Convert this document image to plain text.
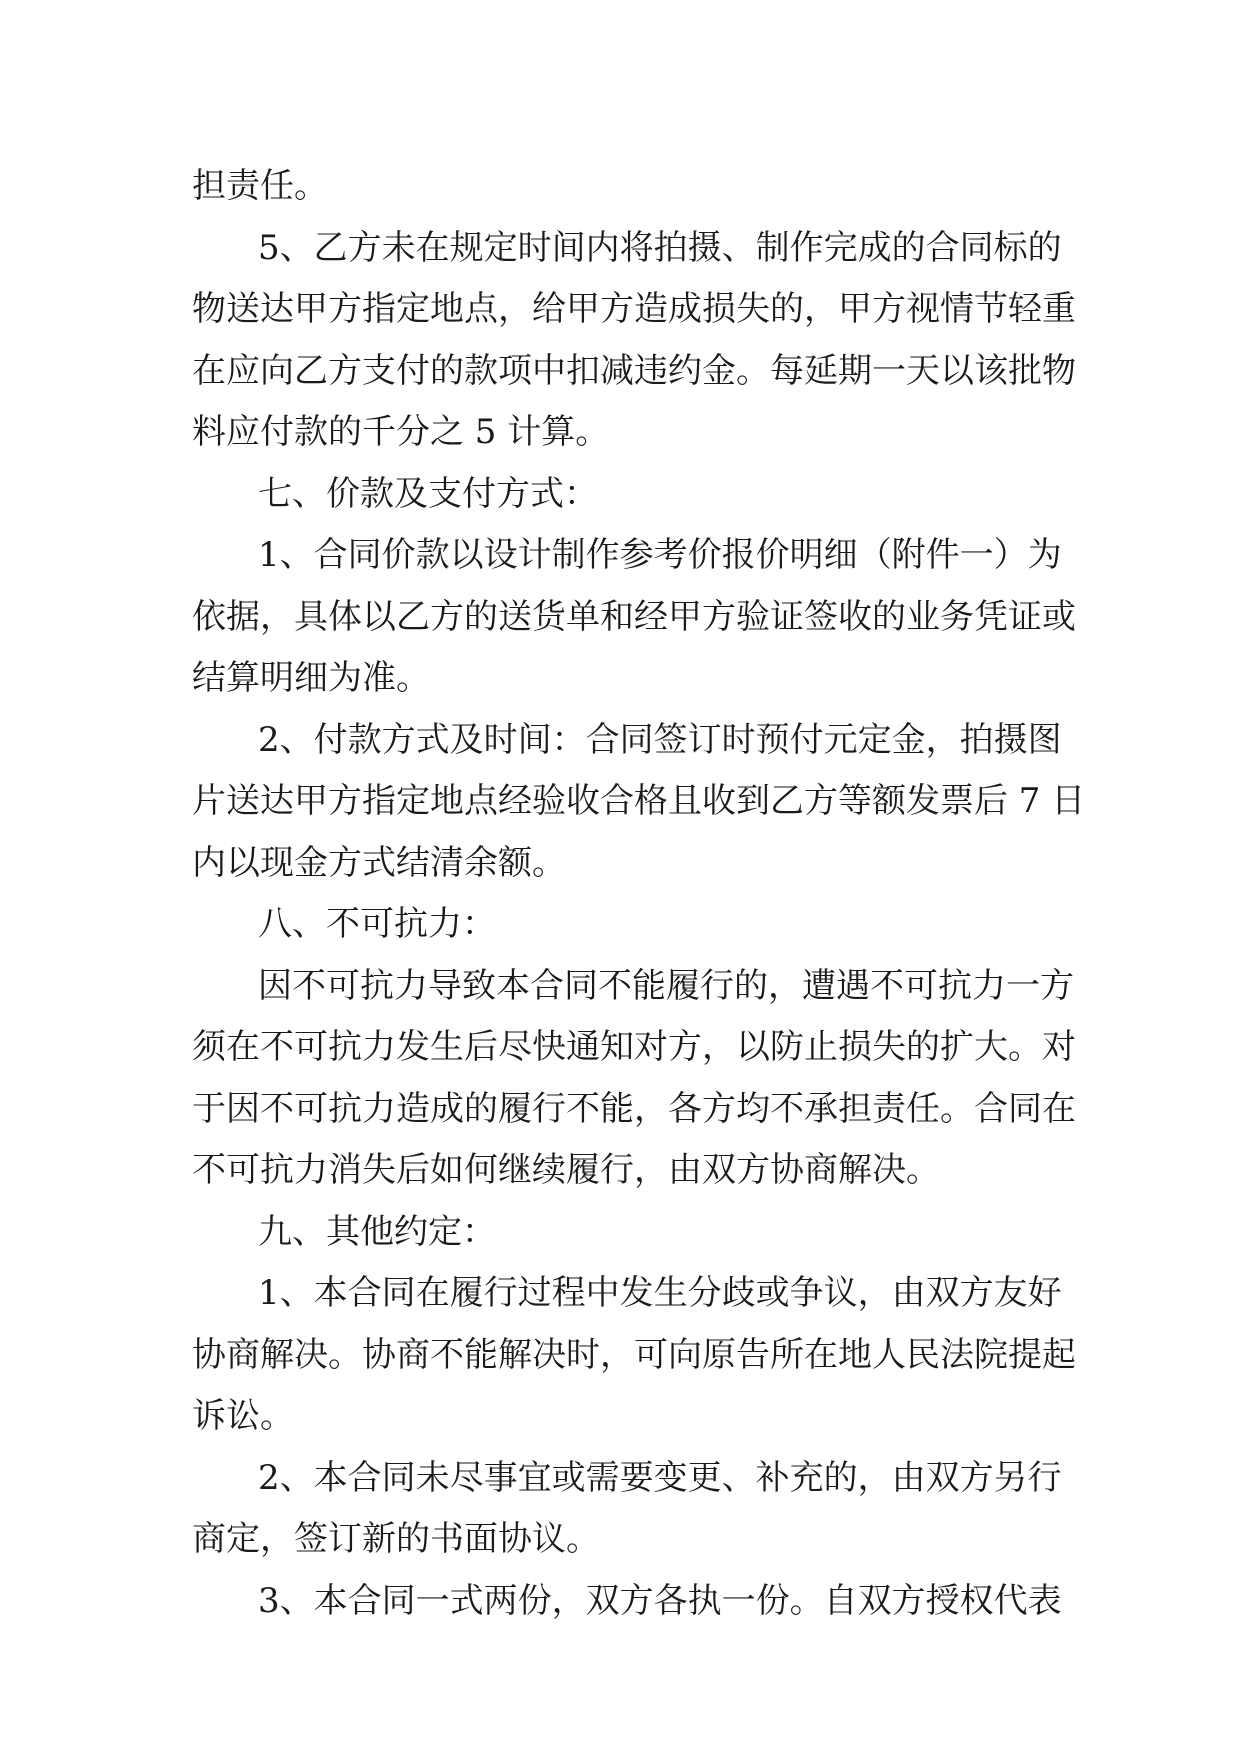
担责任。
5、乙方未在规定时间内将拍摄、制作完成的合同标的
物送达甲方指定地点，给甲方造成损失的，甲方视情节轻重
在应向乙方支付的款项中扣减违约金。每延期一天以该批物
料应付款的千分之 5 计算。
七、价款及支付方式：
1、合同价款以设计制作参考价报价明细（附件一）为
依据，具体以乙方的送货单和经甲方验证签收的业务凭证或
结算明细为准。
2、付款方式及时间：合同签订时预付元定金，拍摄图
片送达甲方指定地点经验收合格且收到乙方等额发票后 7 日
内以现金方式结清余额。
八、不可抗力：
因不可抗力导致本合同不能履行的，遭遇不可抗力一方
须在不可抗力发生后尽快通知对方，以防止损失的扩大。对
于因不可抗力造成的履行不能，各方均不承担责任。合同在
不可抗力消失后如何继续履行，由双方协商解决。
九、其他约定：
1、本合同在履行过程中发生分歧或争议，由双方友好
协商解决。协商不能解决时，可向原告所在地人民法院提起
诉讼。
2、本合同未尽事宜或需要变更、补充的，由双方另行
商定，签订新的书面协议。
3、本合同一式两份，双方各执一份。自双方授权代表
